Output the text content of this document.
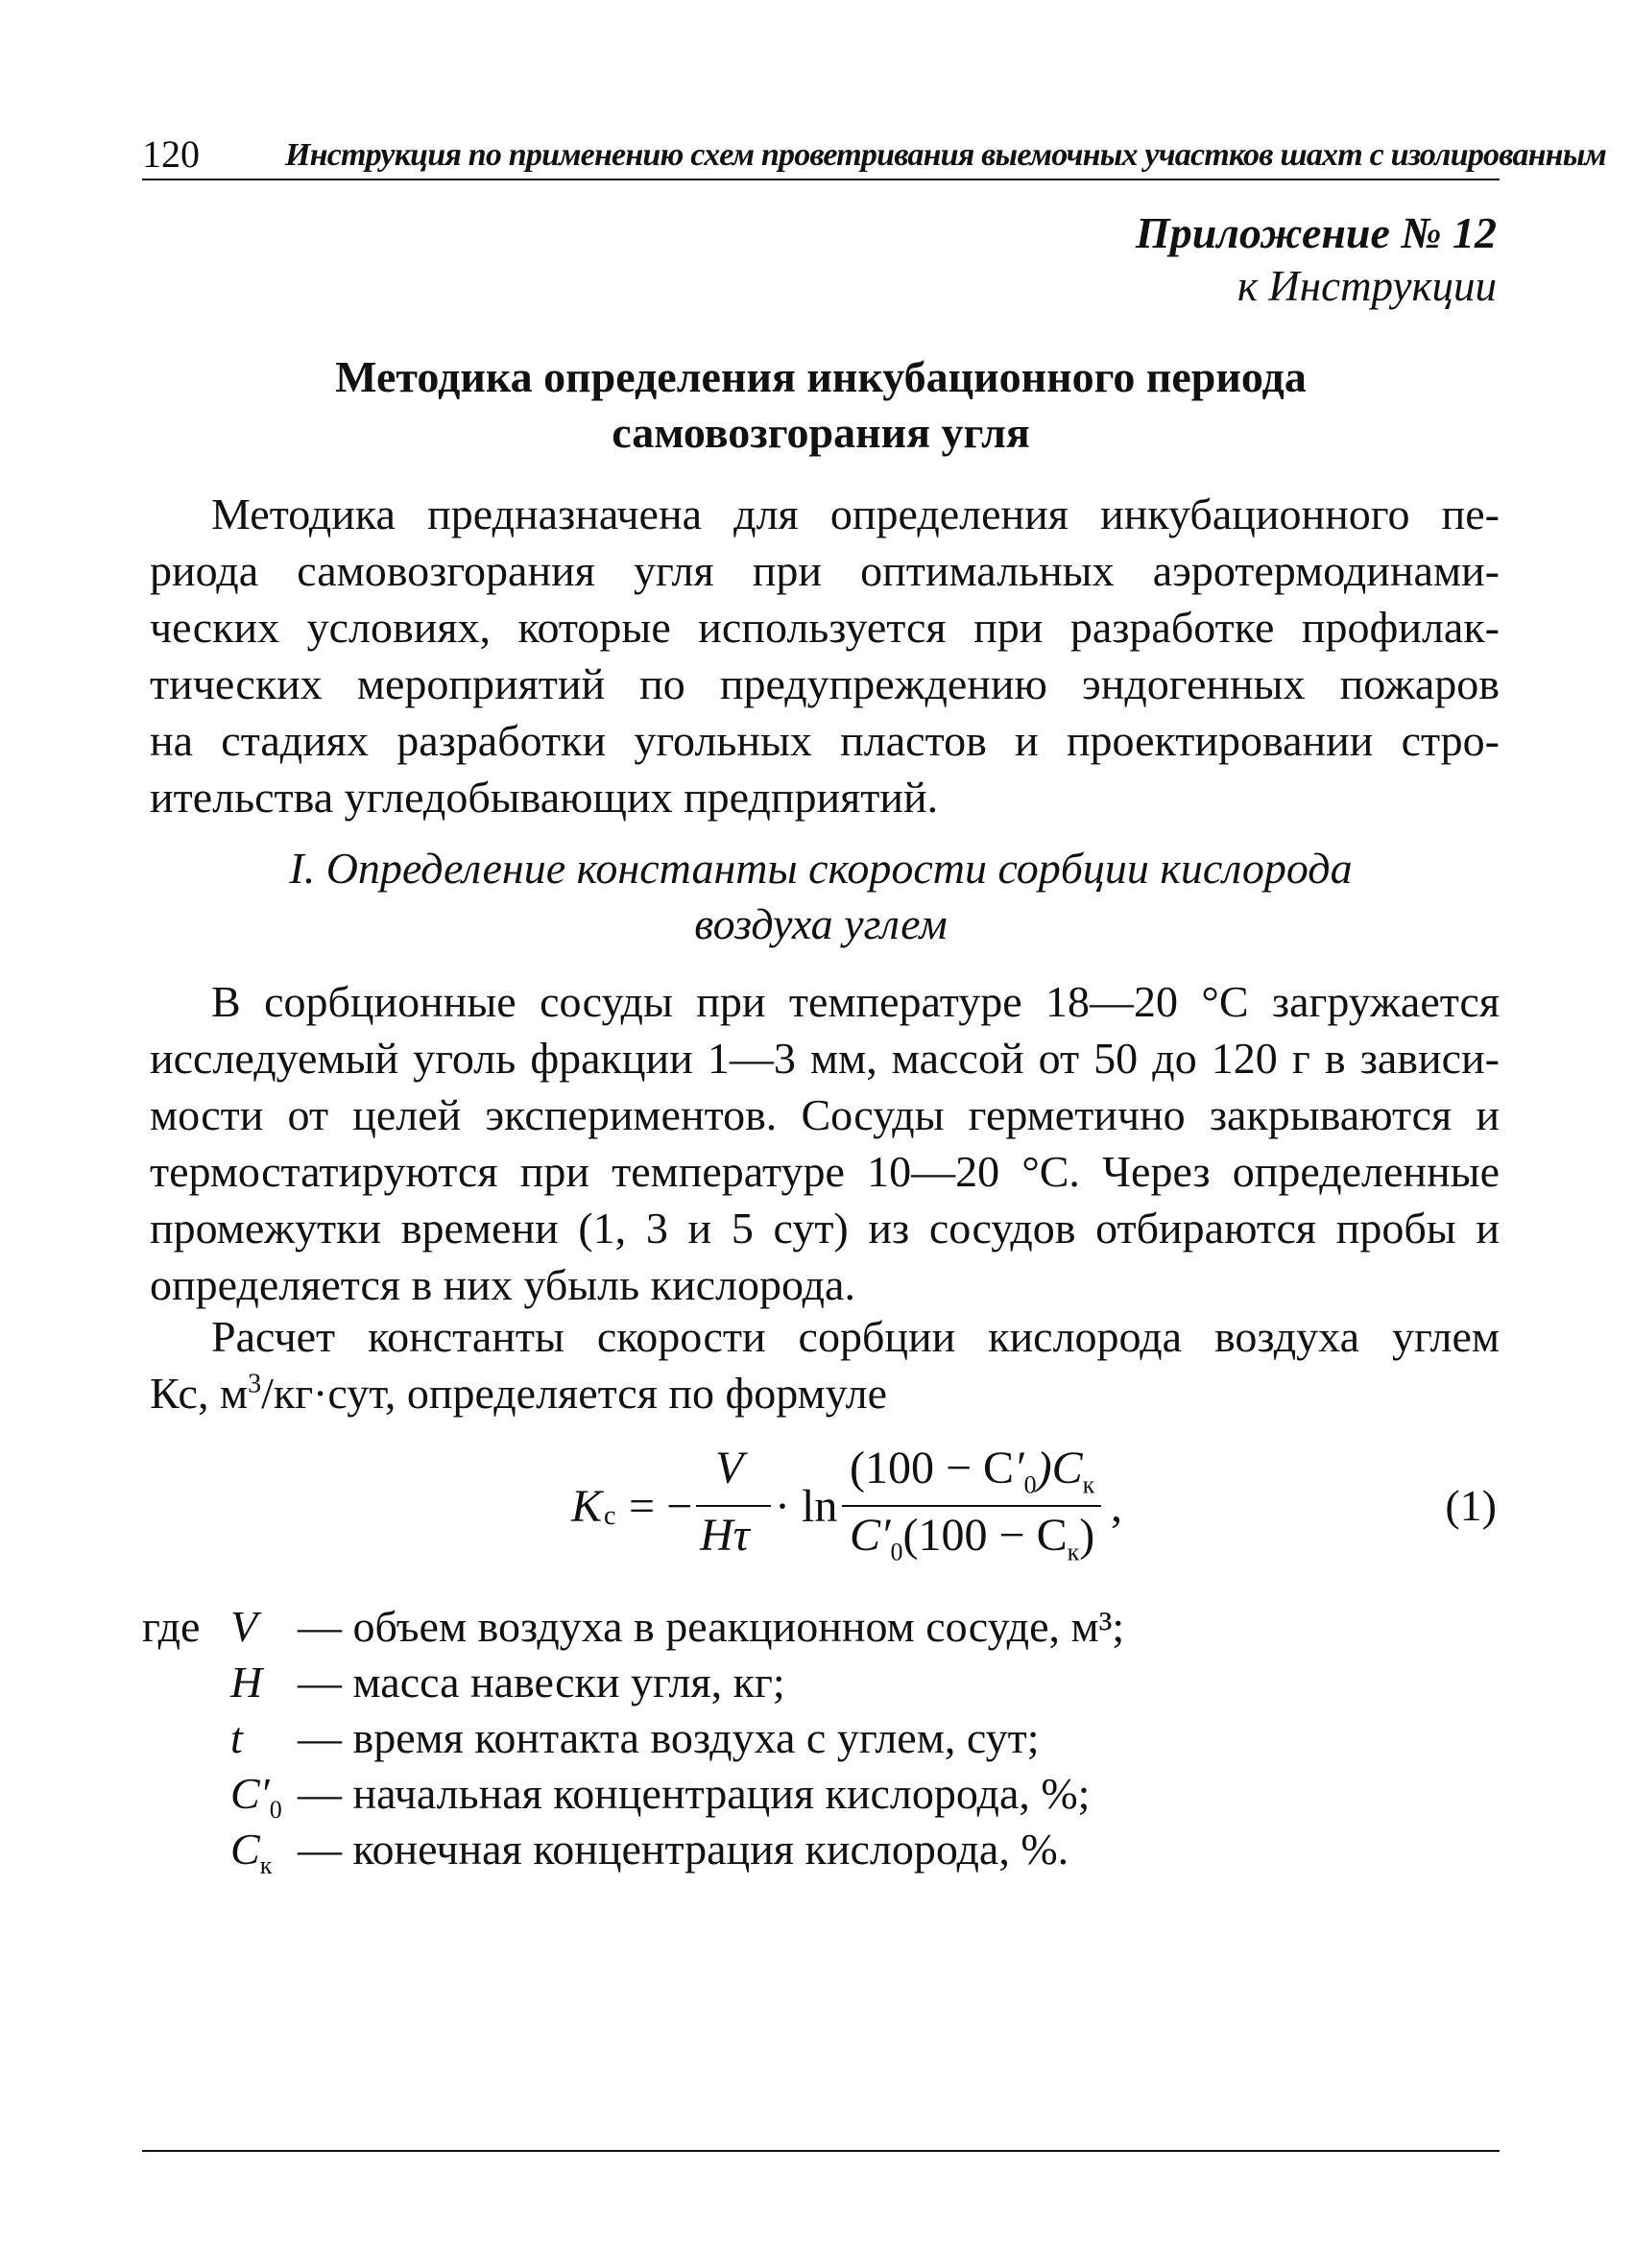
120	Инструкция по применению схем проветривания выемочных участков шахт с изолированным
Приложение № 12
к Инструкции
Методика определения инкубационного периода
самовозгорания угля
Методика предназначена для определения инкубационного пе-
риода самовозгорания угля при оптимальных аэротермодинами-
ческих условиях, которые используется при разработке профилак-
тических мероприятий по предупреждению эндогенных пожаров
на стадиях разработки угольных пластов и проектировании стро-
ительства угледобывающих предприятий.
I. Определение константы скорости сорбции кислорода
воздуха углем
В сорбционные сосуды при температуре 18—20 °С загружается
исследуемый уголь фракции 1—3 мм, массой от 50 до 120 г в зависи-
мости от целей экспериментов. Сосуды герметично закрываются и
термостатируются при температуре 10—20 °С. Через определенные
промежутки времени (1, 3 и 5 сут) из сосудов отбираются пробы и
определяется в них убыль кислорода.
Расчет константы скорости сорбции кислорода воздуха углем
Кс, $м^3/кг\cdot сут$, определяется по формуле
K с = −
V
Hτ
· ln
$(100 - C'_0)C_к$
$C'_0(100 - C_к)$
,	(1)
где V — объем воздуха в реакционном сосуде, м³;
H — масса навески угля, кг;
t — время контакта воздуха с углем, сут;
$C'_0$ — начальная концентрация кислорода, %;
$C_к$ — конечная концентрация кислорода, %.
